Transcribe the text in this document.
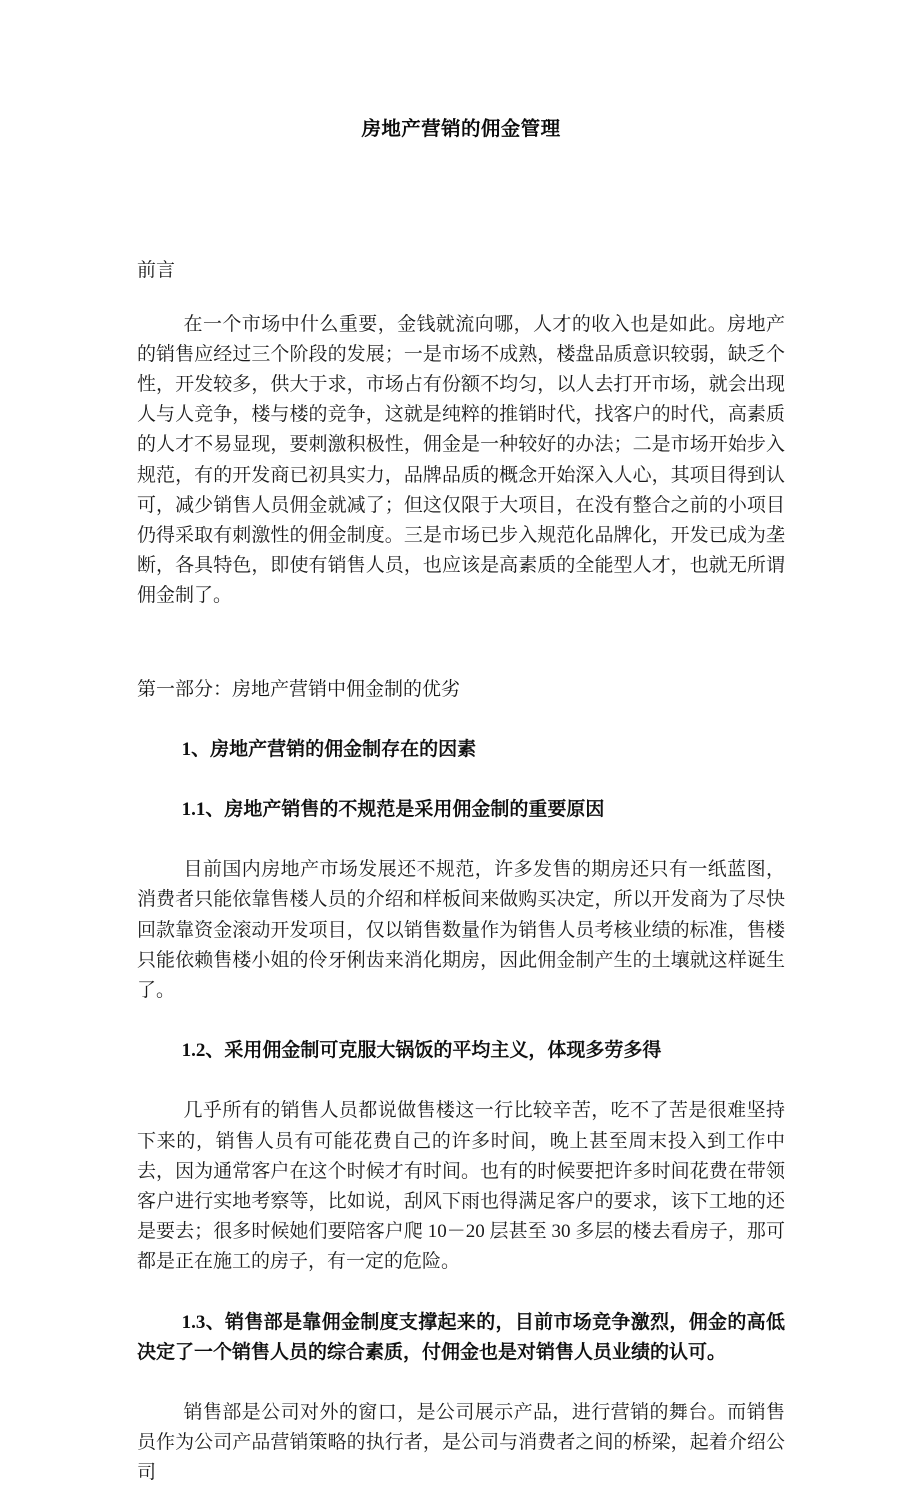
房地产营销的佣金管理

前言

在一个市场中什么重要，金钱就流向哪，人才的收入也是如此。房地产的销售应经过三个阶段的发展；一是市场不成熟，楼盘品质意识较弱，缺乏个性，开发较多，供大于求，市场占有份额不均匀，以人去打开市场，就会出现人与人竞争，楼与楼的竞争，这就是纯粹的推销时代，找客户的时代，高素质的人才不易显现，要刺激积极性，佣金是一种较好的办法；二是市场开始步入规范，有的开发商已初具实力，品牌品质的概念开始深入人心，其项目得到认可，减少销售人员佣金就减了；但这仅限于大项目，在没有整合之前的小项目仍得采取有刺激性的佣金制度。三是市场已步入规范化品牌化，开发已成为垄断，各具特色，即使有销售人员，也应该是高素质的全能型人才，也就无所谓佣金制了。

第一部分：房地产营销中佣金制的优劣

1、房地产营销的佣金制存在的因素

1.1、房地产销售的不规范是采用佣金制的重要原因

目前国内房地产市场发展还不规范，许多发售的期房还只有一纸蓝图，消费者只能依靠售楼人员的介绍和样板间来做购买决定，所以开发商为了尽快回款靠资金滚动开发项目，仅以销售数量作为销售人员考核业绩的标准，售楼只能依赖售楼小姐的伶牙俐齿来消化期房，因此佣金制产生的土壤就这样诞生了。

1.2、采用佣金制可克服大锅饭的平均主义，体现多劳多得

几乎所有的销售人员都说做售楼这一行比较辛苦，吃不了苦是很难坚持下来的，销售人员有可能花费自己的许多时间，晚上甚至周末投入到工作中去，因为通常客户在这个时候才有时间。也有的时候要把许多时间花费在带领客户进行实地考察等，比如说，刮风下雨也得满足客户的要求，该下工地的还是要去；很多时候她们要陪客户爬 10－20 层甚至 30 多层的楼去看房子，那可都是正在施工的房子，有一定的危险。

1.3、销售部是靠佣金制度支撑起来的，目前市场竞争激烈，佣金的高低决定了一个销售人员的综合素质，付佣金也是对销售人员业绩的认可。

销售部是公司对外的窗口，是公司展示产品，进行营销的舞台。而销售员作为公司产品营销策略的执行者，是公司与消费者之间的桥梁，起着介绍公司
